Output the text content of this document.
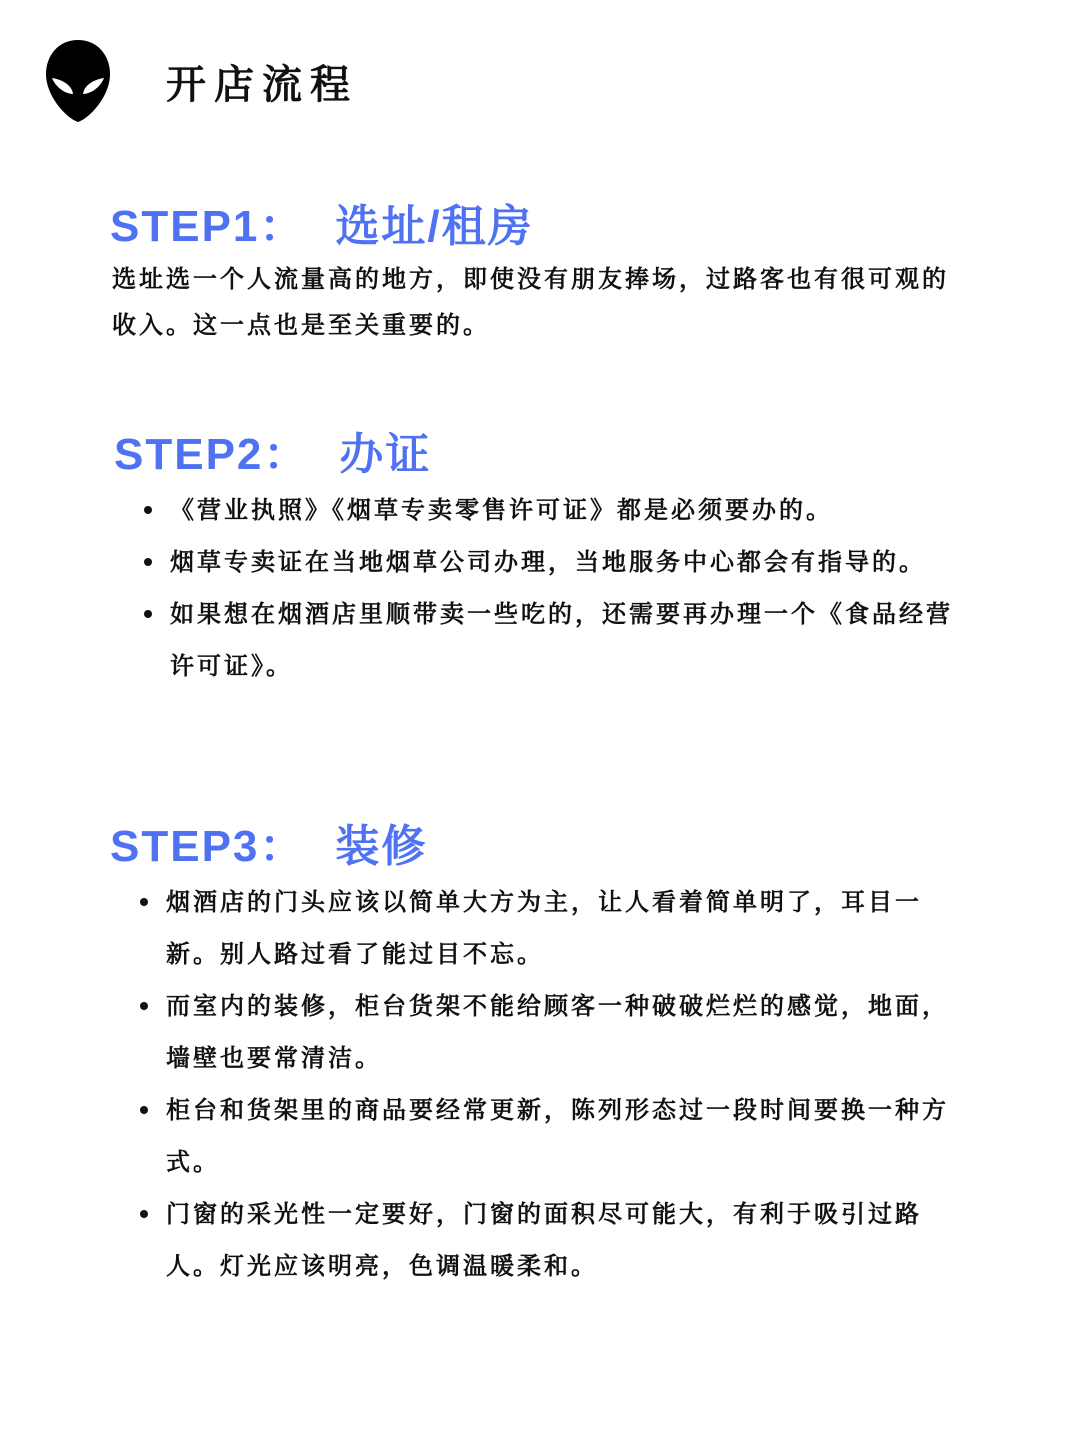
开店流程
STEP1： 选址/租房

选址选一个人流量高的地方，即使没有朋友捧场，过路客也有很可观的收入。这一点也是至关重要的。

STEP2： 办证
《营业执照》《烟草专卖零售许可证》都是必须要办的。
烟草专卖证在当地烟草公司办理，当地服务中心都会有指导的。
如果想在烟酒店里顺带卖一些吃的，还需要再办理一个《食品经营许可证》。
STEP3： 装修
烟酒店的门头应该以简单大方为主，让人看着简单明了，耳目一新。别人路过看了能过目不忘。
而室内的装修，柜台货架不能给顾客一种破破烂烂的感觉，地面，墙壁也要常清洁。
柜台和货架里的商品要经常更新，陈列形态过一段时间要换一种方式。
门窗的采光性一定要好，门窗的面积尽可能大，有利于吸引过路人。灯光应该明亮，色调温暖柔和。
